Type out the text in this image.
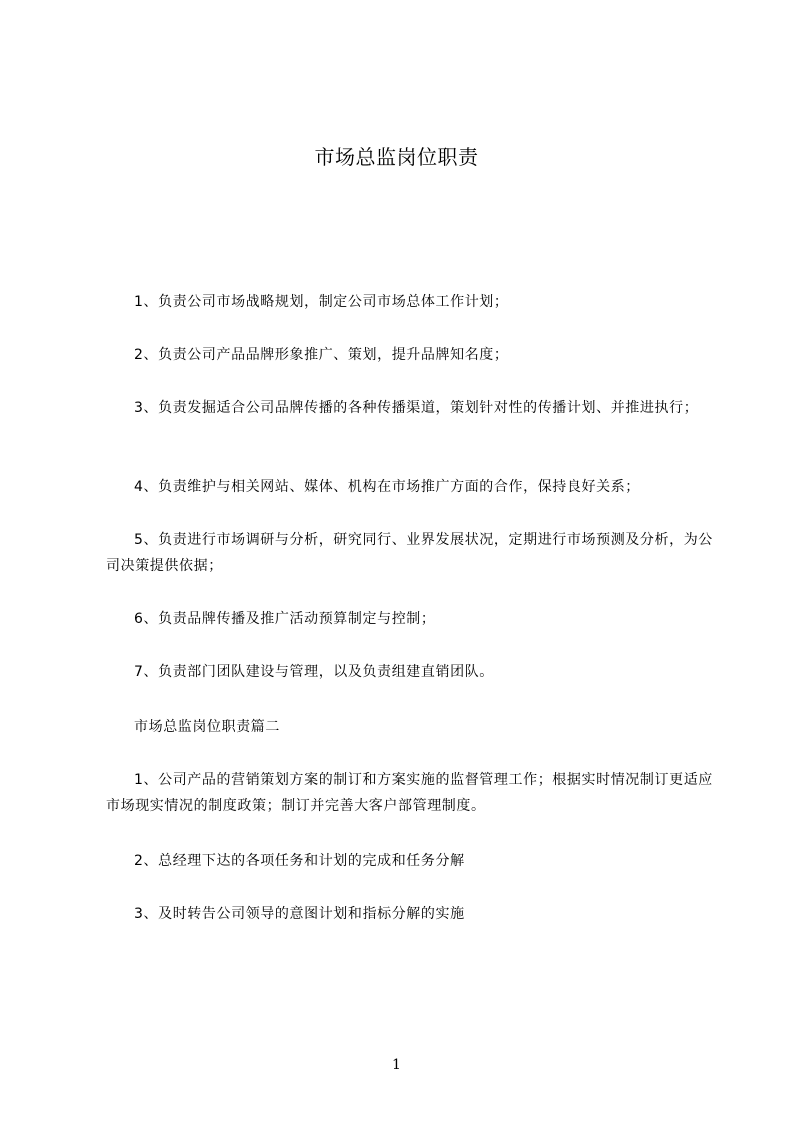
市场总监岗位职责
1、负责公司市场战略规划，制定公司市场总体工作计划；
2、负责公司产品品牌形象推广、策划，提升品牌知名度；
3、负责发掘适合公司品牌传播的各种传播渠道，策划针对性的传播计划、并推进执行；
4、负责维护与相关网站、媒体、机构在市场推广方面的合作，保持良好关系；
5、负责进行市场调研与分析，研究同行、业界发展状况，定期进行市场预测及分析，为公司决策提供依据；
6、负责品牌传播及推广活动预算制定与控制；
7、负责部门团队建设与管理，以及负责组建直销团队。
市场总监岗位职责篇二
1、公司产品的营销策划方案的制订和方案实施的监督管理工作；根据实时情况制订更适应市场现实情况的制度政策；制订并完善大客户部管理制度。
2、总经理下达的各项任务和计划的完成和任务分解
3、及时转告公司领导的意图计划和指标分解的实施
1
